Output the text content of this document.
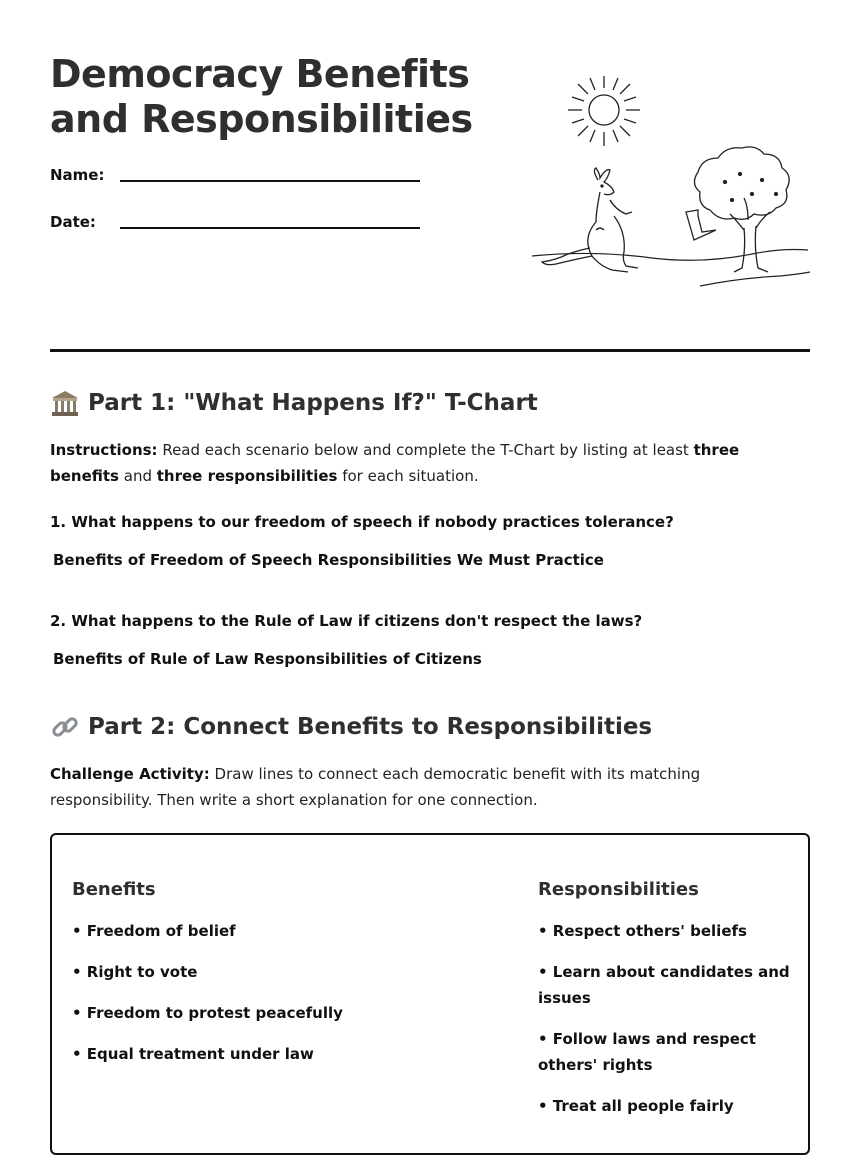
Democracy Benefits and Responsibilities
Name:
Date:
Part 1: "What Happens If?" T-Chart

Instructions: Read each scenario below and complete the T-Chart by listing at least three benefits and three responsibilities for each situation.

1. What happens to our freedom of speech if nobody practices tolerance?

Benefits of Freedom of Speech Responsibilities We Must Practice

2. What happens to the Rule of Law if citizens don't respect the laws?

Benefits of Rule of Law Responsibilities of Citizens

Part 2: Connect Benefits to Responsibilities

Challenge Activity: Draw lines to connect each democratic benefit with its matching responsibility. Then write a short explanation for one connection.

Benefits

• Freedom of belief

• Right to vote

• Freedom to protest peacefully

• Equal treatment under law

Responsibilities

• Respect others' beliefs

• Learn about candidates and issues

• Follow laws and respect others' rights

• Treat all people fairly
